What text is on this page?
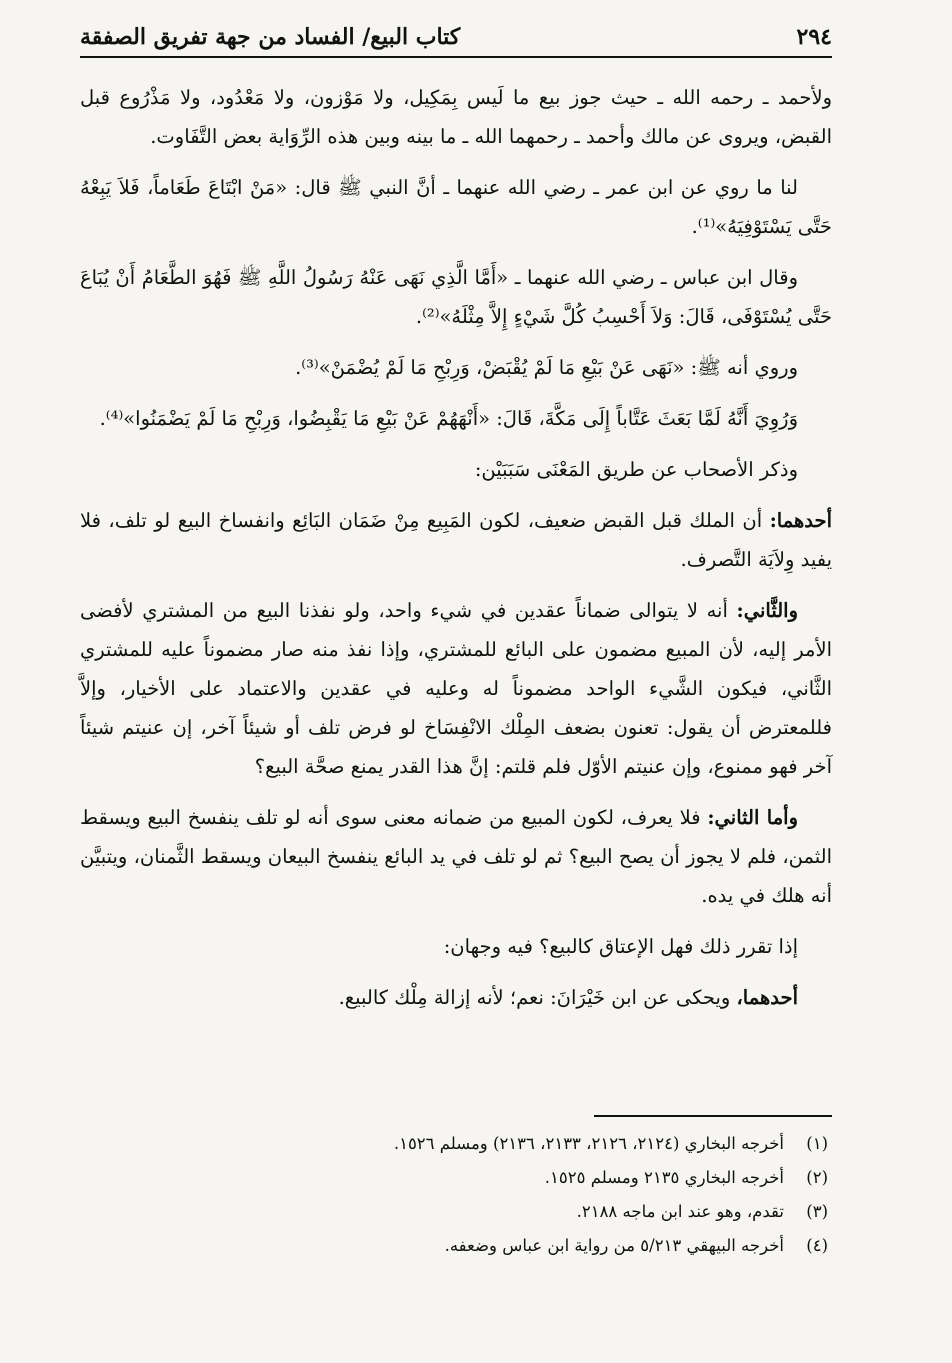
٢٩٤
كتاب البيع/ الفساد من جهة تفريق الصفقة

ولأحمد ـ رحمه الله ـ حيث جوز بيع ما لَيس بِمَكِيل، ولا مَوْزون، ولا مَعْدُود، ولا مَذْرُوع قبل القبض، ويروى عن مالك وأحمد ـ رحمهما الله ـ ما بينه وبين هذه الرِّوَاية بعض التَّفَاوت.

لنا ما روي عن ابن عمر ـ رضي الله عنهما ـ أنَّ النبي ﷺ قال: «مَنْ ابْتَاعَ طَعَاماً، فَلاَ يَبِعْهُ حَتَّى يَسْتَوْفِيَهُ»⁽¹⁾.

وقال ابن عباس ـ رضي الله عنهما ـ «أَمَّا الَّذِي نَهَى عَنْهُ رَسُولُ اللَّهِ ﷺ فَهُوَ الطَّعَامُ أَنْ يُبَاعَ حَتَّى يُسْتَوْفَى، قَالَ: وَلاَ أَحْسِبُ كُلَّ شَيْءٍ إِلاَّ مِثْلَهُ»⁽²⁾.

وروي أنه ﷺ: «نَهَى عَنْ بَيْعِ مَا لَمْ يُقْبَضْ، وَرِبْحِ مَا لَمْ يُضْمَنْ»⁽³⁾.

وَرُوِيَ أَنَّهُ لَمَّا بَعَثَ عَتَّاباً إِلَى مَكَّةَ، قَالَ: «أَنْهَهُمْ عَنْ بَيْعِ مَا يَقْبِضُوا، وَرِبْحِ مَا لَمْ يَضْمَنُوا»⁽⁴⁾.

وذكر الأصحاب عن طريق المَعْنَى سَبَبَيْن:

أحدهما: أن الملك قبل القبض ضعيف، لكون المَبِيع مِنْ ضَمَان البَائِع وانفساخ البيع لو تلف، فلا يفيد وِلاَيَة التَّصرف.

والثَّاني: أنه لا يتوالى ضماناً عقدين في شيء واحد، ولو نفذنا البيع من المشتري لأفضى الأمر إليه، لأن المبيع مضمون على البائع للمشتري، وإذا نفذ منه صار مضموناً عليه للمشتري الثَّاني، فيكون الشَّيء الواحد مضموناً له وعليه في عقدين والاعتماد على الأخيار، وإلاَّ فللمعترض أن يقول: تعنون بضعف المِلْك الانْفِسَاخ لو فرض تلف أو شيئاً آخر، إن عنيتم شيئاً آخر فهو ممنوع، وإن عنيتم الأوّل فلم قلتم: إنَّ هذا القدر يمنع صحَّة البيع؟

وأما الثاني: فلا يعرف، لكون المبيع من ضمانه معنى سوى أنه لو تلف ينفسخ البيع ويسقط الثمن، فلم لا يجوز أن يصح البيع؟ ثم لو تلف في يد البائع ينفسخ البيعان ويسقط الثَّمنان، ويتبيَّن أنه هلك في يده.

إذا تقرر ذلك فهل الإعتاق كالبيع؟ فيه وجهان:

أحدهما، ويحكى عن ابن خَيْرَانَ: نعم؛ لأنه إزالة مِلْك كالبيع.

(١)
أخرجه البخاري (٢١٢٤، ٢١٢٦، ٢١٣٣، ٢١٣٦) ومسلم ١٥٢٦.
(٢)
أخرجه البخاري ٢١٣٥ ومسلم ١٥٢٥.
(٣)
تقدم، وهو عند ابن ماجه ٢١٨٨.
(٤)
أخرجه البيهقي ٥/٢١٣ من رواية ابن عباس وضعفه.
